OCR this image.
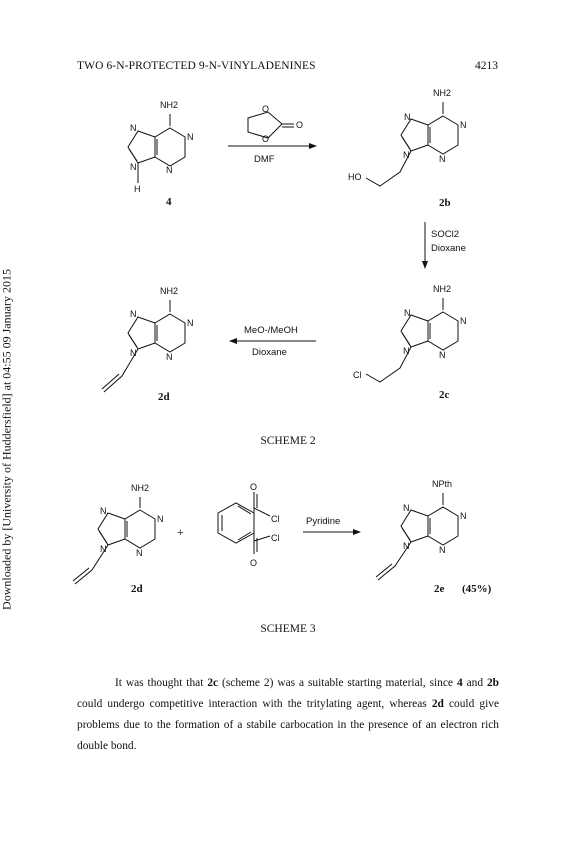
TWO 6-N-PROTECTED 9-N-VINYLADENINES	4213
Downloaded by [University of Huddersfield] at 04:55 09 January 2015
NH2
N
N
N
N
H
4
O
O
O
DMF
NH2
N
N
N
N
HO
2b
SOCl2
Dioxane
NH2
N
N
N
N
Cl
2c
MeO-/MeOH
Dioxane
NH2
N
N
N
N
2d
NH2
N
N
N
N
2d
+
O
Cl
Cl
O
Pyridine
NPth
N
N
N
N
2e (45%)
SCHEME 2
SCHEME 3

It was thought that 2c (scheme 2) was a suitable starting material, since 4 and 2b could undergo competitive interaction with the tritylating agent, whereas 2d could give problems due to the formation of a stabile carbocation in the presence of an electron rich double bond.
